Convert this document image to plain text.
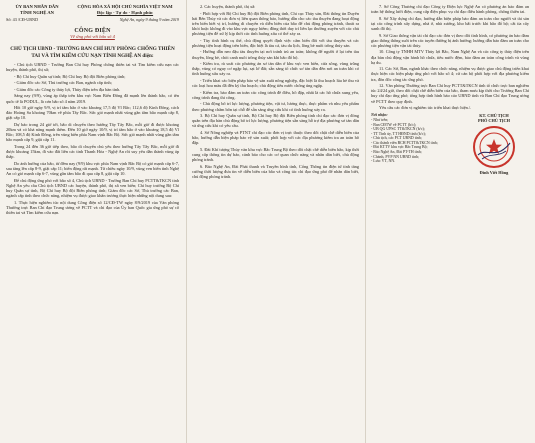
ỦY BAN NHÂN DÂN
TỈNH NGHỆ AN
CỘNG HÒA XÃ HỘI CHỦ NGHĨA VIỆT NAM
Độc lập - Tự do - Hạnh phúc
Số: 43 /CĐ-UBND	Nghệ An, ngày 9 tháng 9 năm 2019
CÔNG ĐIỆN
Về ứng phó với bão số 4
CHỦ TỊCH UBND - TRƯỞNG BAN CHỈ HUY PHÒNG CHỐNG THIÊN
TAI VÀ TÌM KIẾM CỨU NẠN TỈNH NGHỆ AN điện:

- Chủ tịch UBND - Trưởng Ban Chỉ huy Phòng chống thiên tai và Tìm kiếm cứu nạn các huyện, thành phố, thị xã;

- Bộ Chỉ huy Quân sự tỉnh; Bộ Chỉ huy Bộ đội Biên phòng tỉnh;

- Giám đốc các Sở, Thủ trưởng các Ban, ngành cấp tỉnh;

- Giám đốc các Công ty thủy lợi, Thủy điện trên địa bàn tỉnh.

Sáng nay (9/9), vùng áp thấp trên khu vực Nam Biển Đông đã mạnh lên thành bão, có tên quốc tế là PODUL, là cơn bão số 4 năm 2019.

Hồi 10 giờ ngày 9/9, vị trí tâm bão ở vào khoảng 17,5 độ Vĩ Bắc; 112,6 độ Kinh Đông, cách đảo Hoàng Sa khoảng 70km về phía Tây Bắc. Sức gió mạnh nhất vùng gần tâm bão mạnh cấp 8, giật cấp 10.

Dự báo trong 24 giờ tới, bão di chuyển theo hướng Tây Tây Bắc, mỗi giờ đi được khoảng 20km và có khả năng mạnh thêm. Đến 10 giờ ngày 10/9, vị trí tâm bão ở vào khoảng 18,5 độ Vĩ Bắc; 108,5 độ Kinh Đông, trên vùng biển phía Nam vịnh Bắc Bộ. Sức gió mạnh nhất vùng gần tâm bão mạnh cấp 9, giật cấp 11.

Trong 24 đến 36 giờ tiếp theo, bão di chuyển chủ yếu theo hướng Tây Tây Bắc, mỗi giờ đi được khoảng 15km, đi vào đất liền các tỉnh Thanh Hóa - Nghệ An rồi suy yếu dần thành vùng áp thấp.

Do ảnh hưởng của bão, từ đêm nay (9/9) khu vực phía Nam vịnh Bắc Bộ có gió mạnh cấp 6-7, sau tăng lên cấp 8-9, giật cấp 11; biển động rất mạnh. Từ chiều ngày 10/9, vùng ven biển tỉnh Nghệ An có gió mạnh cấp 6-7, vùng gần tâm bão đi qua cấp 8, giật cấp 10.

Để chủ động ứng phó với bão số 4, Chủ tịch UBND - Trưởng Ban Chỉ huy PCTT&TKCN tỉnh Nghệ An yêu cầu Chủ tịch UBND các huyện, thành phố, thị xã ven biển; Chỉ huy trưởng Bộ Chỉ huy Quân sự tỉnh, Bộ Chỉ huy Bộ đội Biên phòng tỉnh; Giám đốc các Sở, Thủ trưởng các Ban, ngành cấp tỉnh theo chức năng, nhiệm vụ được giao khẩn trương thực hiện những nội dung sau:

1. Thực hiện nghiêm túc nội dung Công điện số 12/CĐ-TW ngày 8/9/2019 của Văn phòng Thường trực Ban Chỉ đạo Trung ương về PCTT và chỉ đạo của Ủy ban Quốc gia ứng phó sự cố thiên tai và Tìm kiếm cứu nạn.

2. Các huyện, thành phố, thị xã:

- Phối hợp với Bộ Chỉ huy Bộ đội Biên phòng tỉnh, Chi cục Thủy sản, Đài thông tin Duyên hải Bến Thủy và các đơn vị liên quan thông báo, hướng dẫn cho các tàu thuyền đang hoạt động trên biển biết vị trí, hướng di chuyển và diễn biến của bão để chủ động phòng tránh, thoát ra khỏi hoặc không đi vào khu vực nguy hiểm; đồng thời duy trì liên lạc thường xuyên với các chủ phương tiện để xử lý kịp thời các tình huống xấu có thể xảy ra.

- Tùy tình hình cụ thể, chủ động quyết định việc cấm biển đối với tàu thuyền và các phương tiện hoạt động trên biển, đặc biệt là tàu cá, tàu du lịch, lồng bè nuôi trồng thủy sản.

- Hướng dẫn neo đậu tàu thuyền tại nơi tránh trú an toàn; không để người ở lại trên tàu thuyền, lồng bè, chòi canh nuôi trồng thủy sản khi bão đổ bộ.

- Kiểm tra, rà soát các phương án sơ tán dân ở khu vực ven biển, cửa sông, vùng trũng thấp, vùng có nguy cơ ngập lụt, sạt lở đất; sẵn sàng tổ chức sơ tán dân đến nơi an toàn khi có tình huống xấu xảy ra.

- Triển khai các biện pháp bảo vệ sản xuất nông nghiệp, đặc biệt là thu hoạch lúa hè thu và các loại hoa màu đã đến kỳ thu hoạch; chủ động tiêu nước chống úng ngập.

- Kiểm tra, bảo đảm an toàn các công trình đê điều, hồ đập, nhất là các hồ chứa xung yếu, công trình đang thi công.

- Chủ động bố trí lực lượng, phương tiện, vật tư, lương thực, thực phẩm và nhu yếu phẩm theo phương châm bốn tại chỗ để sẵn sàng ứng cứu khi có tình huống xảy ra.

3. Bộ Chỉ huy Quân sự tỉnh, Bộ Chỉ huy Bộ đội Biên phòng tỉnh chỉ đạo các đơn vị đóng quân trên địa bàn chủ động bố trí lực lượng, phương tiện sẵn sàng hỗ trợ địa phương sơ tán dân và ứng cứu khi có yêu cầu.

4. Sở Nông nghiệp và PTNT chỉ đạo các đơn vị trực thuộc theo dõi chặt chẽ diễn biến của bão, hướng dẫn biện pháp bảo vệ sản xuất; phối hợp với các địa phương kiểm tra an toàn hồ đập.

5. Đài Khí tượng Thủy văn khu vực Bắc Trung Bộ theo dõi chặt chẽ diễn biến bão, kịp thời cung cấp thông tin dự báo, cảnh báo cho các cơ quan chức năng và nhân dân biết, chủ động phòng tránh.

6. Báo Nghệ An, Đài Phát thanh và Truyền hình tỉnh, Cổng Thông tin điện tử tỉnh tăng cường thời lượng đưa tin về diễn biến của bão và công tác chỉ đạo ứng phó để nhân dân biết, chủ động phòng tránh.

7. Sở Công Thương chỉ đạo Công ty Điện lực Nghệ An có phương án bảo đảm an toàn hệ thống lưới điện, cung cấp điện phục vụ chỉ đạo điều hành phòng, chống thiên tai.

8. Sở Xây dựng chỉ đạo, hướng dẫn biện pháp bảo đảm an toàn cho người và tài sản tại các công trình xây dựng, nhà ở, nhà xưởng, kho bãi trước khi bão đổ bộ; cắt tỉa cây xanh đô thị.

9. Sở Giao thông vận tải chỉ đạo các đơn vị theo dõi tình hình, có phương án bảo đảm giao thông thông suốt trên các tuyến đường bị ảnh hưởng; hướng dẫn bảo đảm an toàn cho các phương tiện vận tải thủy.

10. Công ty TNHH MTV Thủy lợi Bắc, Nam Nghệ An và các công ty thủy điện trên địa bàn chủ động vận hành hồ chứa, tiêu nước đệm, bảo đảm an toàn công trình và vùng hạ du.

11. Các Sở, Ban, ngành khác theo chức năng, nhiệm vụ được giao chủ động triển khai thực hiện các biện pháp ứng phó với bão số 4; cử cán bộ phối hợp với địa phương kiểm tra, đôn đốc công tác ứng phó.

12. Văn phòng Thường trực Ban Chỉ huy PCTT&TKCN tỉnh tổ chức trực ban nghiêm túc 24/24 giờ, theo dõi chặt chẽ diễn biến của bão, tham mưu kịp thời cho Trưởng Ban Chỉ huy chỉ đạo ứng phó; tổng hợp tình hình báo cáo UBND tỉnh và Ban Chỉ đạo Trung ương về PCTT theo quy định.

Yêu cầu các đơn vị nghiêm túc triển khai thực hiện./.

Nơi nhận:
- Như trên;
- Ban CĐTW về PCTT (b/c);
- UB QG ƯPSC TT&TKCN (b/c);
- TT Tỉnh ủy, TT HĐND tỉnh (b/c);
- Chủ tịch, các PCT UBND tỉnh;
- Các thành viên BCH PCTT&TKCN tỉnh;
- Đài KTTV khu vực Bắc Trung Bộ;
- Báo Nghệ An, Đài PT-TH tỉnh;
- Chánh, PVP NN UBND tỉnh;
- Lưu: VT, NN.
KT. CHỦ TỊCH
PHÓ CHỦ TỊCH
Đinh Viết Hồng
